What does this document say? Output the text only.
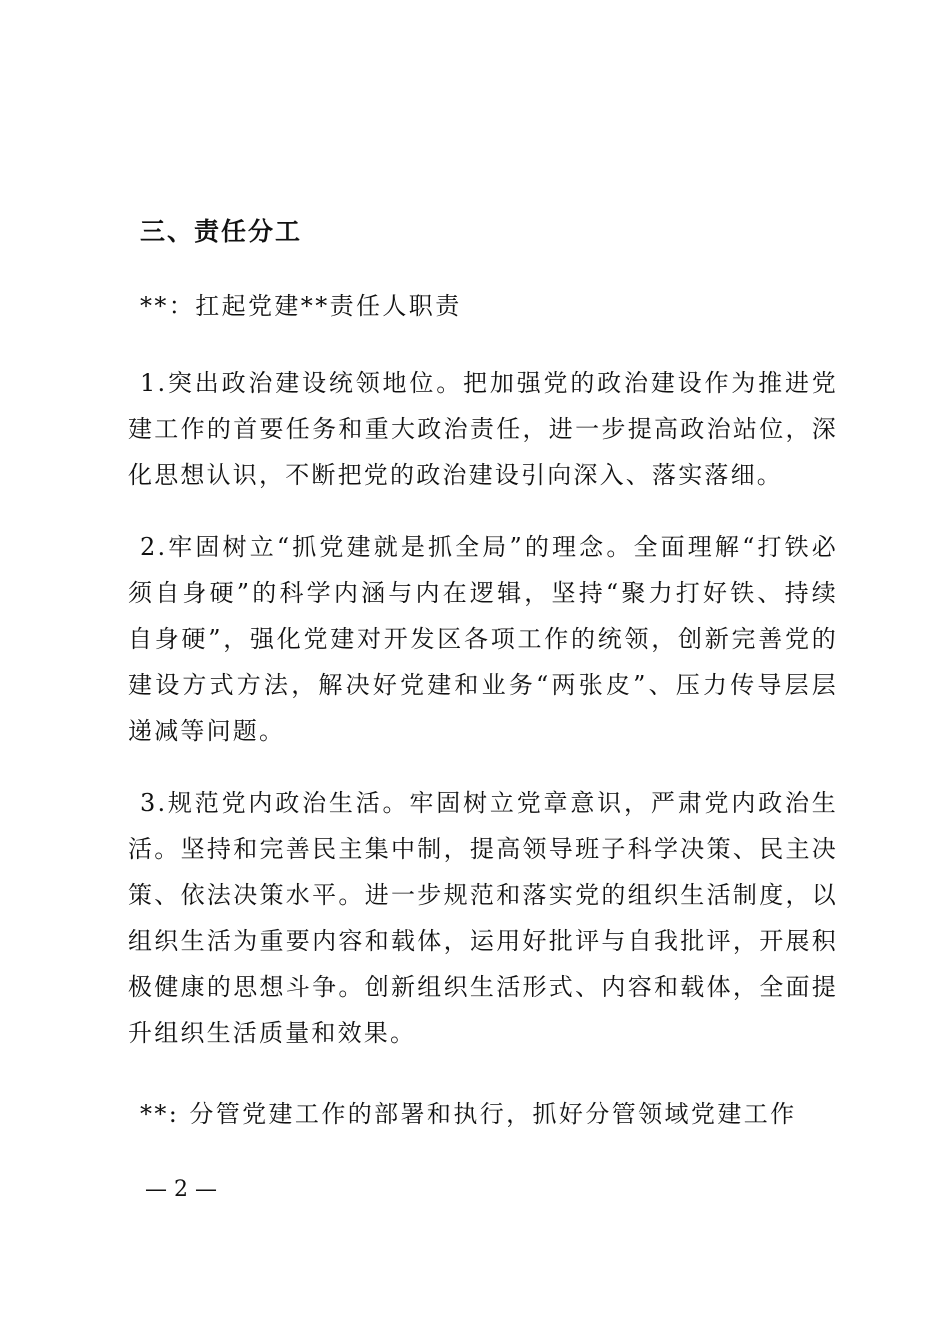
三、责任分工
**：扛起党建**责任人职责
1.突出政治建设统领地位。把加强党的政治建设作为推进党建工作的首要任务和重大政治责任，进一步提高政治站位，深化思想认识，不断把党的政治建设引向深入、落实落细。
2.牢固树立“抓党建就是抓全局”的理念。全面理解“打铁必须自身硬”的科学内涵与内在逻辑，坚持“聚力打好铁、持续自身硬”，强化党建对开发区各项工作的统领，创新完善党的建设方式方法，解决好党建和业务“两张皮”、压力传导层层递减等问题。
3.规范党内政治生活。牢固树立党章意识，严肃党内政治生活。坚持和完善民主集中制，提高领导班子科学决策、民主决策、依法决策水平。进一步规范和落实党的组织生活制度，以组织生活为重要内容和载体，运用好批评与自我批评，开展积极健康的思想斗争。创新组织生活形式、内容和载体，全面提升组织生活质量和效果。
**: 分管党建工作的部署和执行，抓好分管领域党建工作
— 2 —
